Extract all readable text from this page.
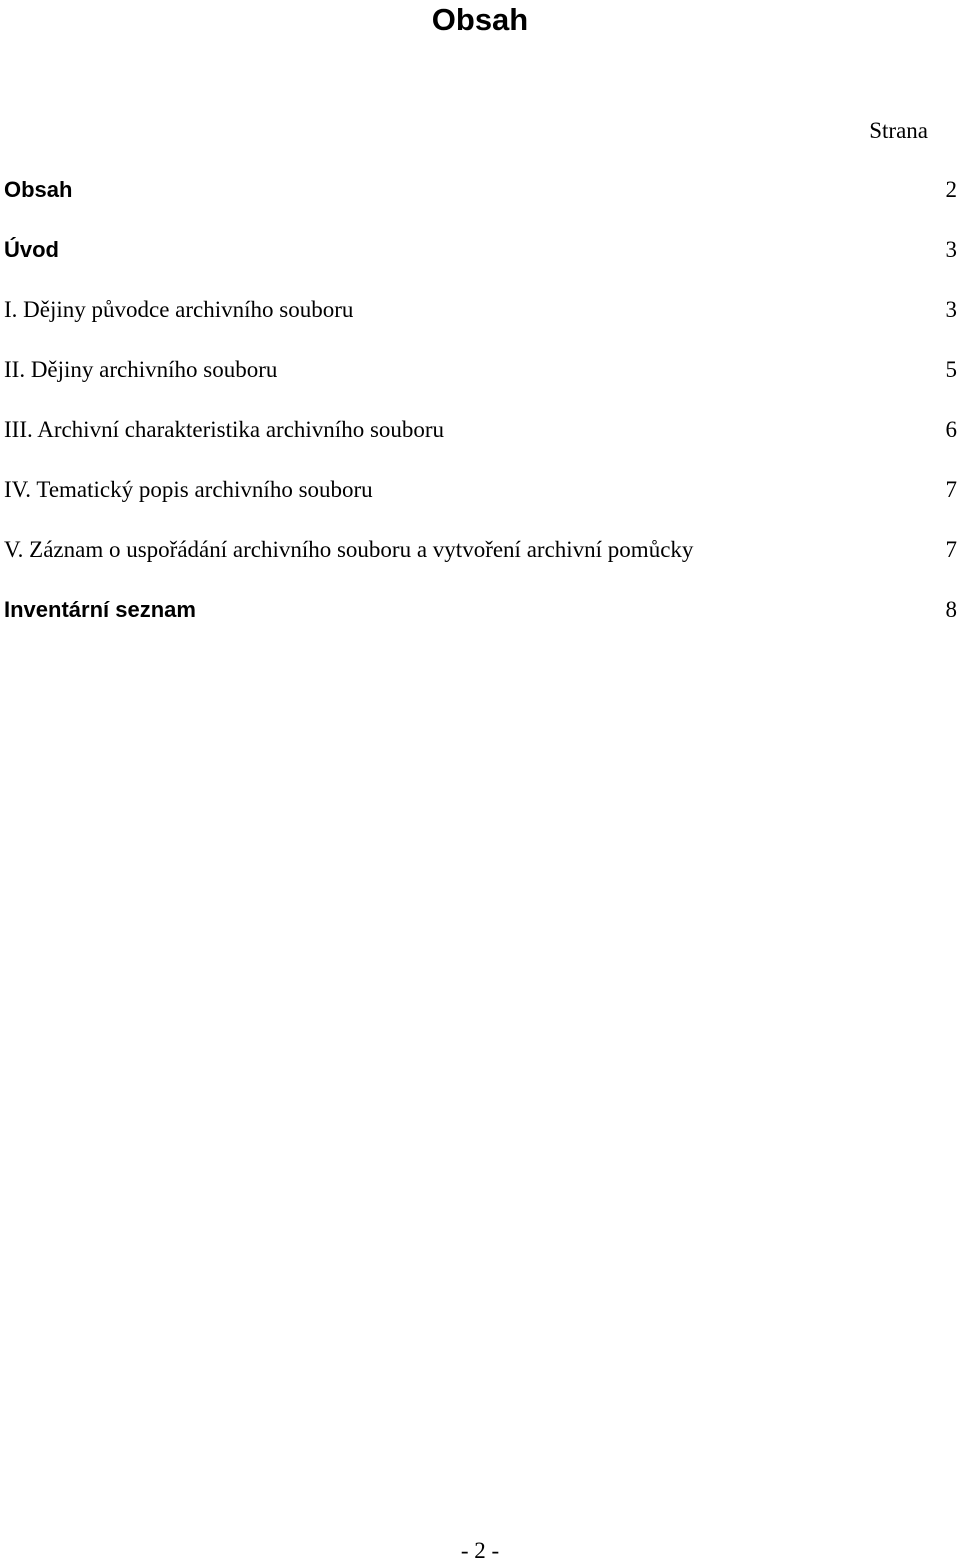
Obsah
Strana
Obsah	2
Úvod	3
I. Dějiny původce archivního souboru	3
II. Dějiny archivního souboru	5
III. Archivní charakteristika archivního souboru	6
IV. Tematický popis archivního souboru	7
V. Záznam o uspořádání archivního souboru a vytvoření archivní pomůcky	7
Inventární seznam	8
- 2 -
